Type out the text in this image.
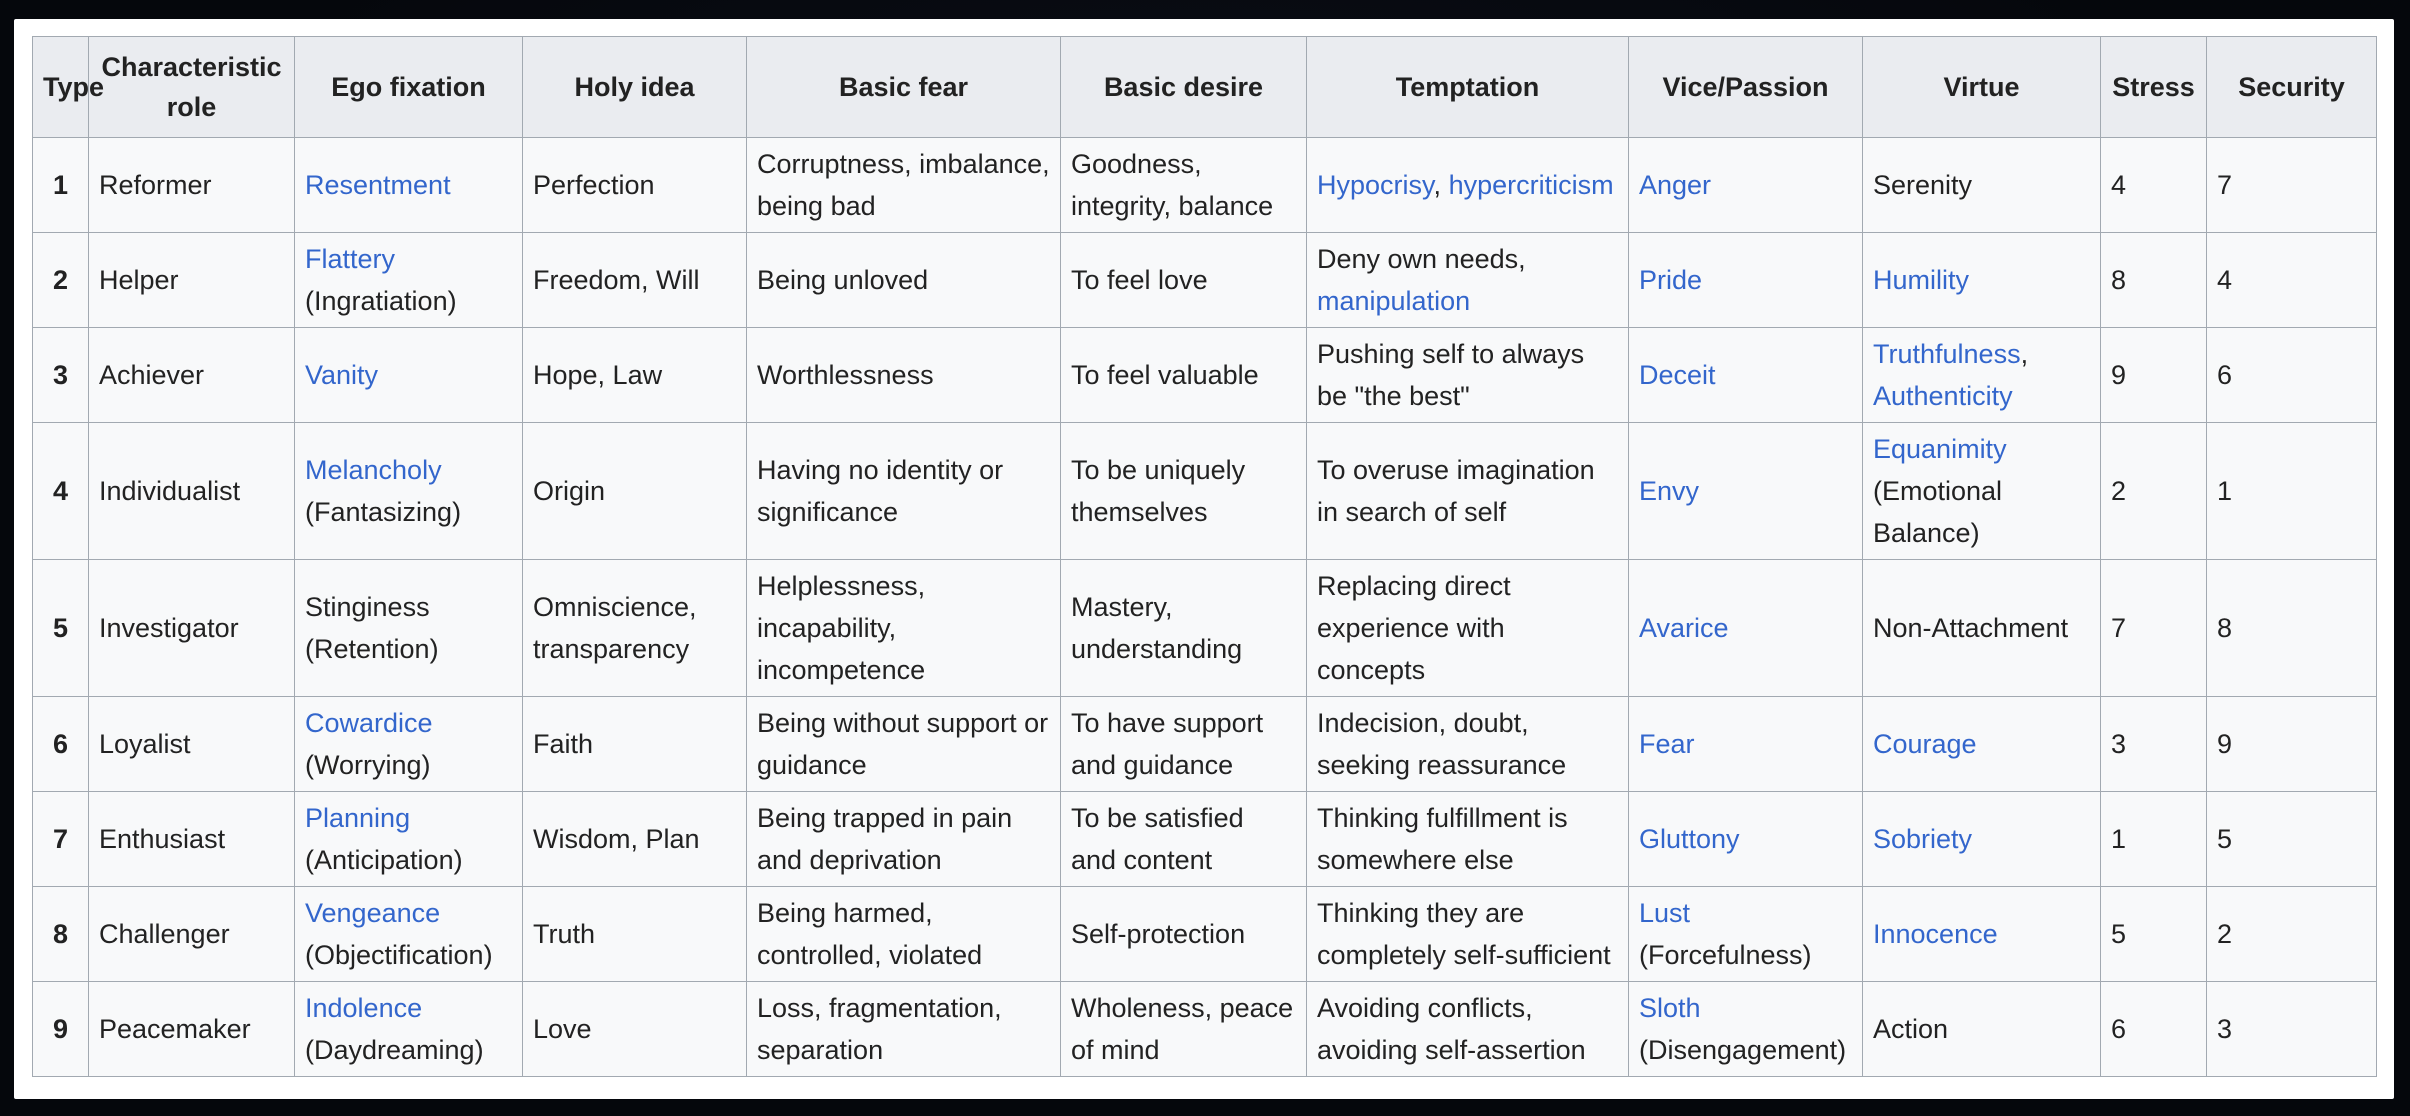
Type	Characteristic role	Ego fixation	Holy idea	Basic fear	Basic desire	Temptation	Vice/Passion	Virtue	Stress	Security
1	Reformer	Resentment	Perfection	Corruptness, imbalance, being bad	Goodness, integrity, balance	Hypocrisy, hypercriticism	Anger	Serenity	4	7
2	Helper	Flattery (Ingratiation)	Freedom, Will	Being unloved	To feel love	Deny own needs, manipulation	Pride	Humility	8	4
3	Achiever	Vanity	Hope, Law	Worthlessness	To feel valuable	Pushing self to always be "the best"	Deceit	Truthfulness, Authenticity	9	6
4	Individualist	Melancholy (Fantasizing)	Origin	Having no identity or significance	To be uniquely themselves	To overuse imagination in search of self	Envy	Equanimity (Emotional Balance)	2	1
5	Investigator	Stinginess (Retention)	Omniscience, transparency	Helplessness, incapability, incompetence	Mastery, understanding	Replacing direct experience with concepts	Avarice	Non-Attachment	7	8
6	Loyalist	Cowardice (Worrying)	Faith	Being without support or guidance	To have support and guidance	Indecision, doubt, seeking reassurance	Fear	Courage	3	9
7	Enthusiast	Planning (Anticipation)	Wisdom, Plan	Being trapped in pain and deprivation	To be satisfied and content	Thinking fulfillment is somewhere else	Gluttony	Sobriety	1	5
8	Challenger	Vengeance (Objectification)	Truth	Being harmed, controlled, violated	Self-protection	Thinking they are completely self-sufficient	Lust (Forcefulness)	Innocence	5	2
9	Peacemaker	Indolence (Daydreaming)	Love	Loss, fragmentation, separation	Wholeness, peace of mind	Avoiding conflicts, avoiding self-assertion	Sloth (Disengagement)	Action	6	3
